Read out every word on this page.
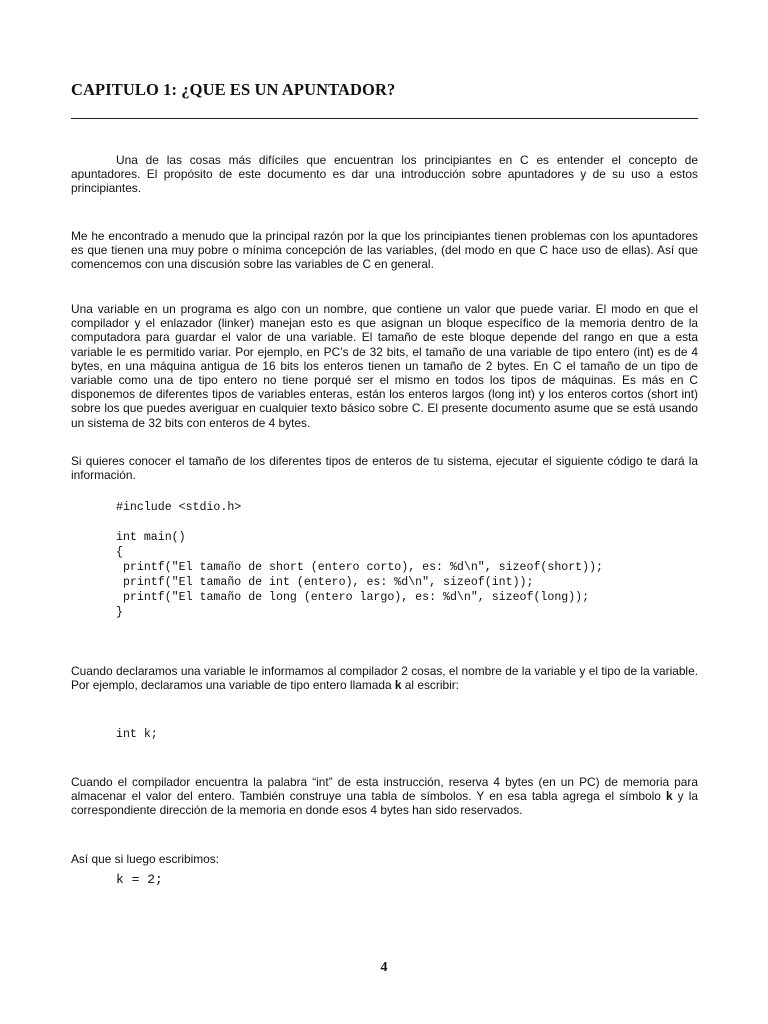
CAPITULO 1: ¿QUE ES UN APUNTADOR?

Una de las cosas más difíciles que encuentran los principiantes en C es entender el concepto de apuntadores. El propósito de este documento es dar una introducción sobre apuntadores y de su uso a estos principiantes.

Me he encontrado a menudo que la principal razón por la que los principiantes tienen problemas con los apuntadores es que tienen una muy pobre o mínima concepción de las variables, (del modo en que C hace uso de ellas). Así que comencemos con una discusión sobre las variables de C en general.

Una variable en un programa es algo con un nombre, que contiene un valor que puede variar. El modo en que el compilador y el enlazador (linker) manejan esto es que asignan un bloque específico de la memoria dentro de la computadora para guardar el valor de una variable. El tamaño de este bloque depende del rango en que a esta variable le es permitido variar. Por ejemplo, en PC’s de 32 bits, el tamaño de una variable de tipo entero (int) es de 4 bytes, en una máquina antigua de 16 bits los enteros tienen un tamaño de 2 bytes. En C el tamaño de un tipo de variable como una de tipo entero no tiene porqué ser el mismo en todos los tipos de máquinas. Es más en C disponemos de diferentes tipos de variables enteras, están los enteros largos (long int) y los enteros cortos (short int) sobre los que puedes averiguar en cualquier texto básico sobre C. El presente documento asume que se está usando un sistema de 32 bits con enteros de 4 bytes.

Si quieres conocer el tamaño de los diferentes tipos de enteros de tu sistema, ejecutar el siguiente código te dará la información.

#include <stdio.h>

int main()
{
printf("El tamaño de short (entero corto), es: %d\n", sizeof(short));
printf("El tamaño de int (entero), es: %d\n", sizeof(int));
printf("El tamaño de long (entero largo), es: %d\n", sizeof(long));
}

Cuando declaramos una variable le informamos al compilador 2 cosas, el nombre de la variable y el tipo de la variable. Por ejemplo, declaramos una variable de tipo entero llamada k al escribir:

int k;

Cuando el compilador encuentra la palabra “int” de esta instrucción, reserva 4 bytes (en un PC) de memoria para almacenar el valor del entero. También construye una tabla de símbolos. Y en esa tabla agrega el símbolo k y la correspondiente dirección de la memoria en donde esos 4 bytes han sido reservados.

Así que si luego escribimos:

k = 2;
4
